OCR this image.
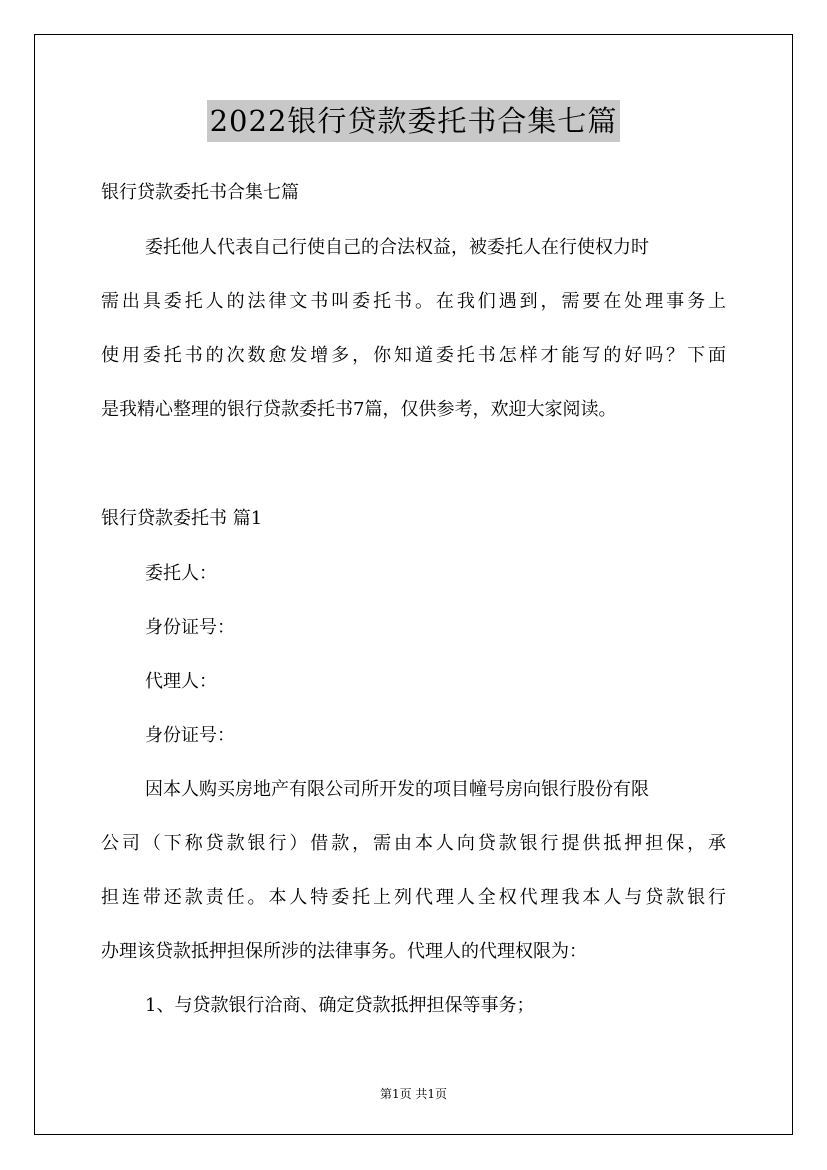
2022银行贷款委托书合集七篇
银行贷款委托书合集七篇
委托他人代表自己行使自己的合法权益，被委托人在行使权力时
需出具委托人的法律文书叫委托书。在我们遇到，需要在处理事务上
使用委托书的次数愈发增多，你知道委托书怎样才能写的好吗？下面
是我精心整理的银行贷款委托书7篇，仅供参考，欢迎大家阅读。
银行贷款委托书 篇1
委托人：
身份证号：
代理人：
身份证号：
因本人购买房地产有限公司所开发的项目幢号房向银行股份有限
公司（下称贷款银行）借款，需由本人向贷款银行提供抵押担保，承
担连带还款责任。本人特委托上列代理人全权代理我本人与贷款银行
办理该贷款抵押担保所涉的法律事务。代理人的代理权限为：
1、与贷款银行洽商、确定贷款抵押担保等事务；
第1页 共1页
